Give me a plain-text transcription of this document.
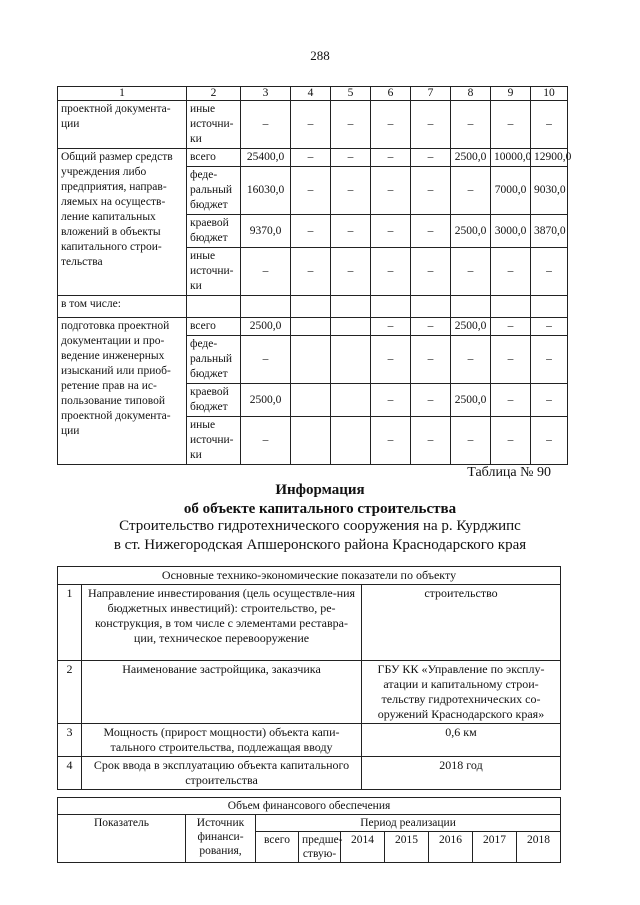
288
1	2	3	4	5	6	7	8	9	10
проектной документа-ции	иные источни-ки	–	–	–	–	–	–	–	–
Общий размер средств учреждения либо предприятия, направ-ляемых на осуществ-ление капитальных вложений в объекты капитального строи-тельства	всего	25400,0	–	–	–	–	2500,0	10000,0	12900,0
	феде-ральный бюджет	16030,0	–	–	–	–	–	7000,0	9030,0
	краевой бюджет	9370,0	–	–	–	–	2500,0	3000,0	3870,0
	иные источни-ки	–	–	–	–	–	–	–	–
в том числе:									
подготовка проектной документации и про-ведение инженерных изысканий или приоб-ретение прав на ис-пользование типовой проектной документа-ции	всего	2500,0			–	–	2500,0	–	–
	феде-ральный бюджет	–			–	–	–	–	–
	краевой бюджет	2500,0			–	–	2500,0	–	–
	иные источни-ки	–			–	–	–	–	–
Таблица № 90
Информация
об объекте капитального строительства
Строительство гидротехнического сооружения на р. Курджипс
в ст. Нижегородская Апшеронского района Краснодарского края
Основные технико-экономические показатели по объекту		
1	Направление инвестирования (цель осуществле-ния бюджетных инвестиций): строительство, ре-конструкция, в том числе с элементами реставра-ции, техническое перевооружение	строительство
2	Наименование застройщика, заказчика	ГБУ КК «Управление по эксплу-атации и капитальному строи-тельству гидротехнических со-оружений Краснодарского края»
3	Мощность (прирост мощности) объекта капи-тального строительства, подлежащая вводу	0,6 км
4	Срок ввода в эксплуатацию объекта капитального строительства	2018 год
Объем финансового обеспечения								
Показатель	Источник финанси-рования,	Период реализации						
		всего	предше-ствую-	2014	2015	2016	2017	2018
